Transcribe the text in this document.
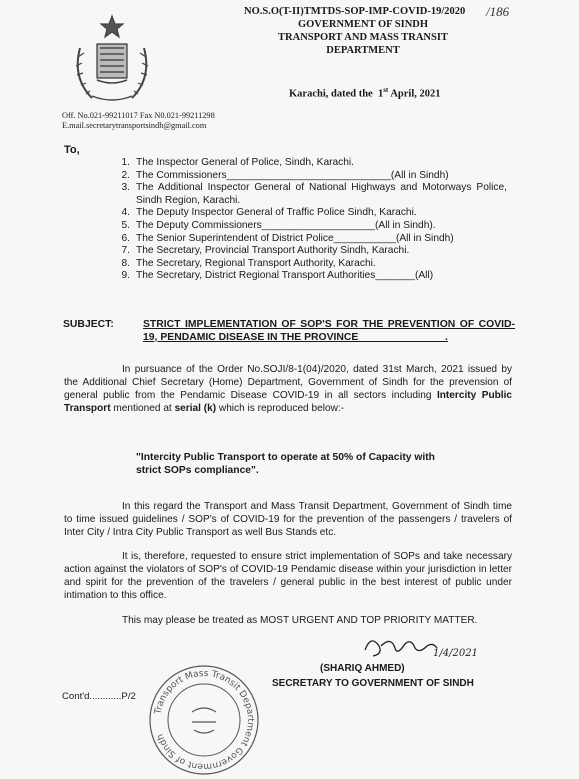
NO.S.O(T-II)TMTDS-SOP-IMP-COVID-19/2020 /186
GOVERNMENT OF SINDH
TRANSPORT AND MASS TRANSIT
DEPARTMENT
Karachi, dated the 1st April, 2021
Off. No.021-99211017 Fax N0.021-99211298
E.mail.secretarytransportsindh@gmail.com
To,
1. The Inspector General of Police, Sindh, Karachi.
2. The Commissioners_____________________________(All in Sindh)
3. The Additional Inspector General of National Highways and Motorways Police, Sindh Region, Karachi.
4. The Deputy Inspector General of Traffic Police Sindh, Karachi.
5. The Deputy Commissioners____________________(All in Sindh).
6. The Senior Superintendent of District Police___________(All in Sindh)
7. The Secretary, Provincial Transport Authority Sindh, Karachi.
8. The Secretary, Regional Transport Authority, Karachi.
9. The Secretary, District Regional Transport Authorities_______(All)
SUBJECT:	STRICT IMPLEMENTATION OF SOP'S FOR THE PREVENTION OF COVID-19, PENDAMIC DISEASE IN THE PROVINCE_______________.
In pursuance of the Order No.SOJI/8-1(04)/2020, dated 31st March, 2021 issued by the Additional Chief Secretary (Home) Department, Government of Sindh for the prevension of general public from the Pendamic Disease COVID-19 in all sectors including Intercity Public Transport mentioned at serial (k) which is reproduced below:-
"Intercity Public Transport to operate at 50% of Capacity with strict SOPs compliance".
In this regard the Transport and Mass Transit Department, Government of Sindh time to time issued guidelines / SOP's of COVID-19 for the prevention of the passengers / travelers of Inter City / Intra City Public Transport as well Bus Stands etc.
It is, therefore, requested to ensure strict implementation of SOPs and take necessary action against the violators of SOP's of COVID-19 Pendamic disease within your jurisdiction in letter and spirit for the prevention of the travelers / general public in the best interest of public under intimation to this office.
This may please be treated as MOST URGENT AND TOP PRIORITY MATTER.
1/4/2021
(SHARIQ AHMED)
SECRETARY TO GOVERNMENT OF SINDH
Cont'd............P/2
Transport Mass Transit Department Government of Sindh
